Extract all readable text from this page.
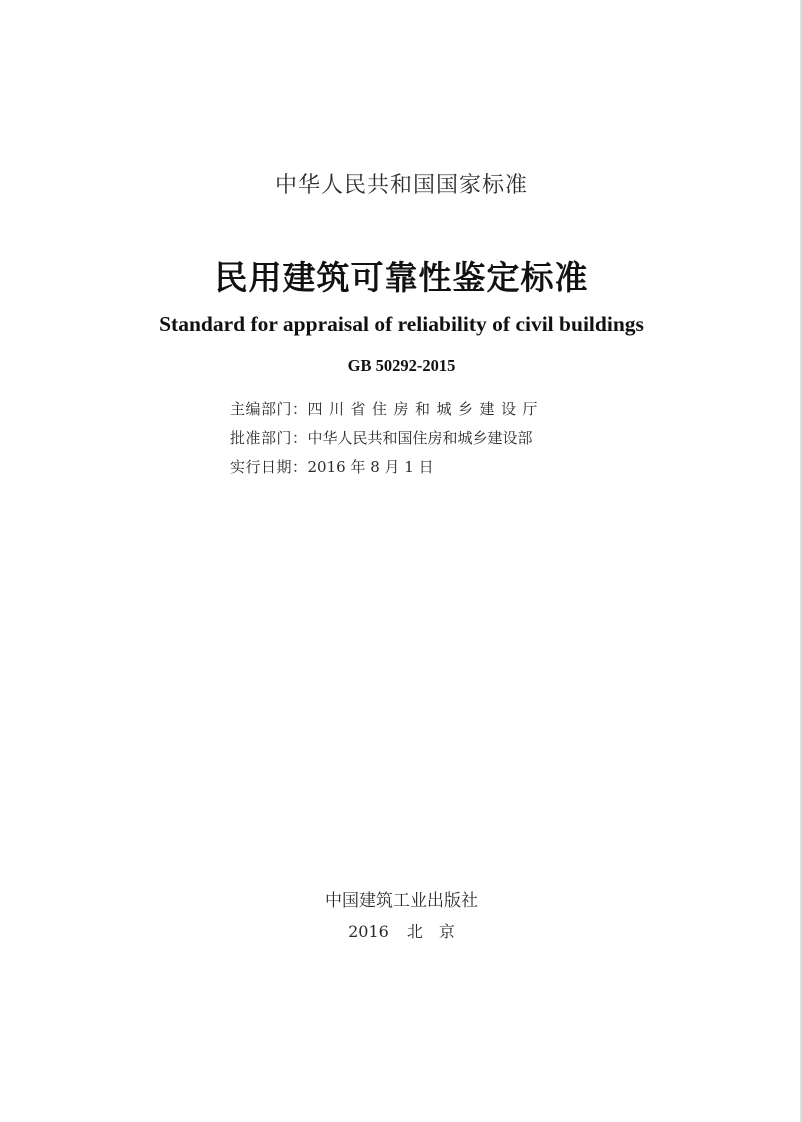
中华人民共和国国家标准
民用建筑可靠性鉴定标准
Standard for appraisal of reliability of civil buildings
GB 50292-2015
主编部门：四川省住房和城乡建设厅
批准部门：中华人民共和国住房和城乡建设部
实行日期：2016 年 8 月 1 日
中国建筑工业出版社
2016 北　京
